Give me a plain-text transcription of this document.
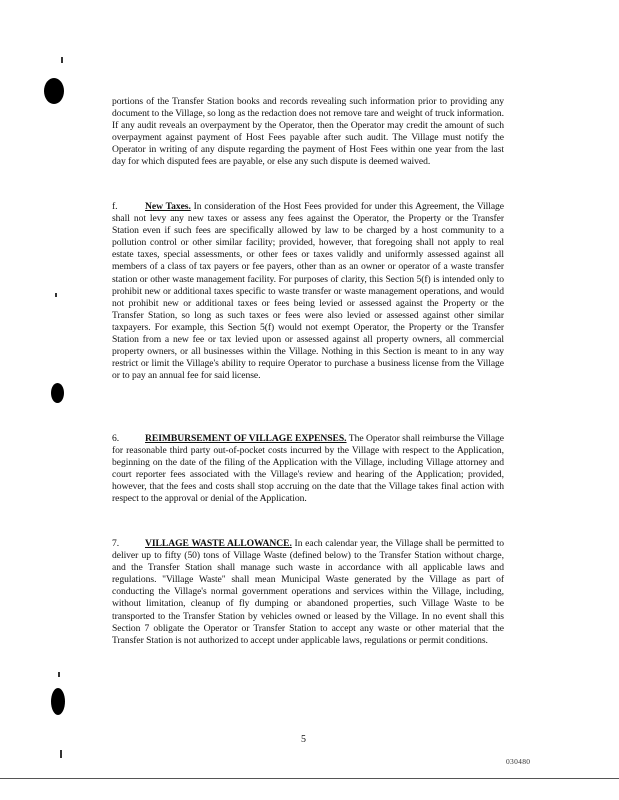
portions of the Transfer Station books and records revealing such information prior to providing any document to the Village, so long as the redaction does not remove tare and weight of truck information. If any audit reveals an overpayment by the Operator, then the Operator may credit the amount of such overpayment against payment of Host Fees payable after such audit. The Village must notify the Operator in writing of any dispute regarding the payment of Host Fees within one year from the last day for which disputed fees are payable, or else any such dispute is deemed waived.
f.	New Taxes. In consideration of the Host Fees provided for under this Agreement, the Village shall not levy any new taxes or assess any fees against the Operator, the Property or the Transfer Station even if such fees are specifically allowed by law to be charged by a host community to a pollution control or other similar facility; provided, however, that foregoing shall not apply to real estate taxes, special assessments, or other fees or taxes validly and uniformly assessed against all members of a class of tax payers or fee payers, other than as an owner or operator of a waste transfer station or other waste management facility. For purposes of clarity, this Section 5(f) is intended only to prohibit new or additional taxes specific to waste transfer or waste management operations, and would not prohibit new or additional taxes or fees being levied or assessed against the Property or the Transfer Station, so long as such taxes or fees were also levied or assessed against other similar taxpayers. For example, this Section 5(f) would not exempt Operator, the Property or the Transfer Station from a new fee or tax levied upon or assessed against all property owners, all commercial property owners, or all businesses within the Village. Nothing in this Section is meant to in any way restrict or limit the Village's ability to require Operator to purchase a business license from the Village or to pay an annual fee for said license.
6.	REIMBURSEMENT OF VILLAGE EXPENSES. The Operator shall reimburse the Village for reasonable third party out-of-pocket costs incurred by the Village with respect to the Application, beginning on the date of the filing of the Application with the Village, including Village attorney and court reporter fees associated with the Village's review and hearing of the Application; provided, however, that the fees and costs shall stop accruing on the date that the Village takes final action with respect to the approval or denial of the Application.
7.	VILLAGE WASTE ALLOWANCE. In each calendar year, the Village shall be permitted to deliver up to fifty (50) tons of Village Waste (defined below) to the Transfer Station without charge, and the Transfer Station shall manage such waste in accordance with all applicable laws and regulations. "Village Waste" shall mean Municipal Waste generated by the Village as part of conducting the Village's normal government operations and services within the Village, including, without limitation, cleanup of fly dumping or abandoned properties, such Village Waste to be transported to the Transfer Station by vehicles owned or leased by the Village. In no event shall this Section 7 obligate the Operator or Transfer Station to accept any waste or other material that the Transfer Station is not authorized to accept under applicable laws, regulations or permit conditions.
5
030480
